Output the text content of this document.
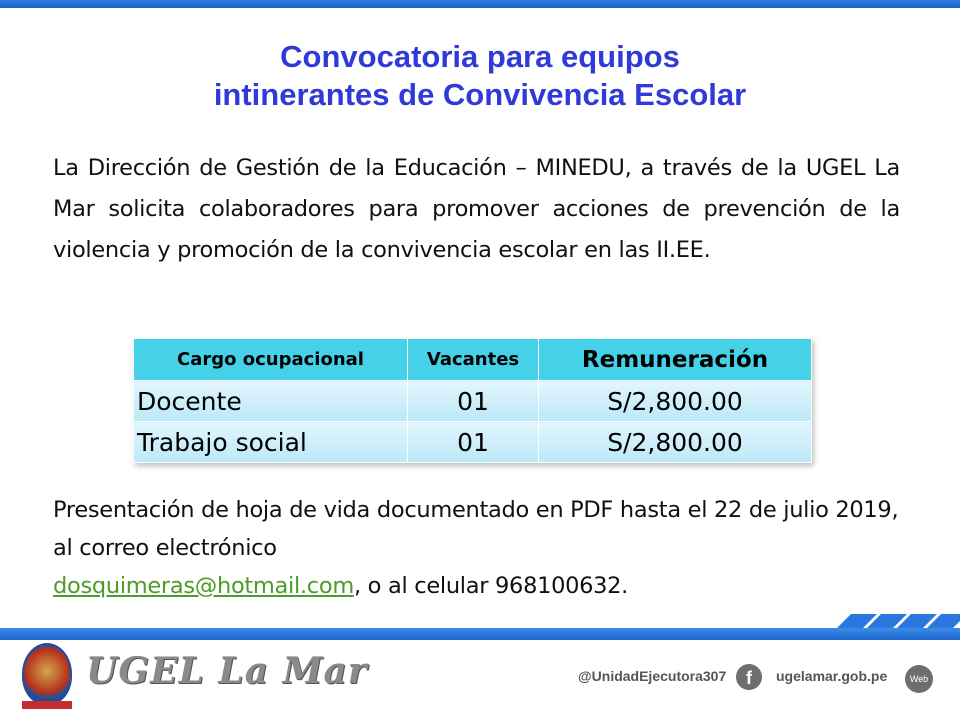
Convocatoria para equipos
intinerantes de Convivencia Escolar
La Dirección de Gestión de la Educación – MINEDU, a través de la UGEL La Mar solicita colaboradores para promover acciones de prevención de la violencia y promoción de la convivencia escolar en las II.EE.
Cargo ocupacional	Vacantes	Remuneración
Docente	01	S/2,800.00
Trabajo social	01	S/2,800.00
Presentación de hoja de vida documentado en PDF hasta el 22 de julio 2019, al correo electrónico
dosquimeras@hotmail.com, o al celular 968100632.
UGEL La Mar	@UnidadEjecutora307	f	ugelamar.gob.pe	Web
